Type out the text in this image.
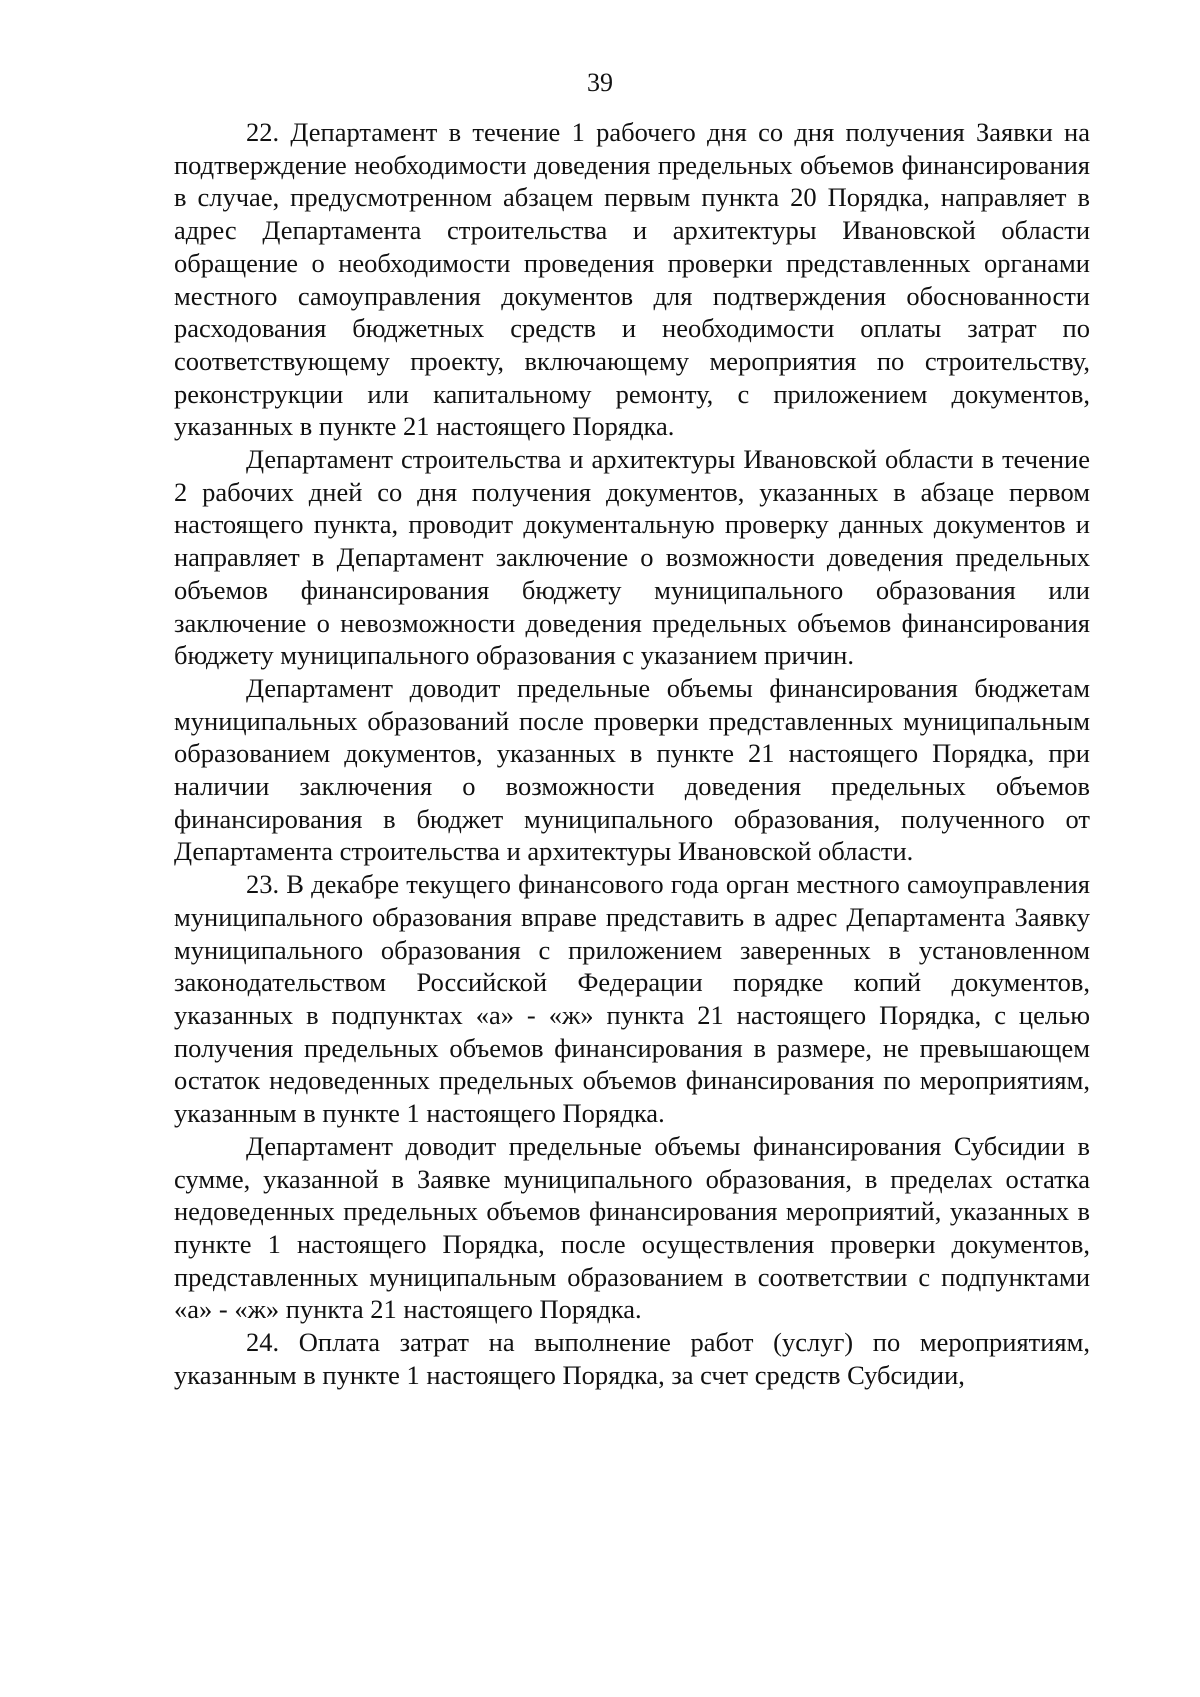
39

22. Департамент в течение 1 рабочего дня со дня получения Заявки на подтверждение необходимости доведения предельных объемов финансирования в случае, предусмотренном абзацем первым пункта 20 Порядка, направляет в адрес Департамента строительства и архитектуры Ивановской области обращение о необходимости проведения проверки представленных органами местного самоуправления документов для подтверждения обоснованности расходования бюджетных средств и необходимости оплаты затрат по соответствующему проекту, включающему мероприятия по строительству, реконструкции или капитальному ремонту, с приложением документов, указанных в пункте 21 настоящего Порядка.

Департамент строительства и архитектуры Ивановской области в течение 2 рабочих дней со дня получения документов, указанных в абзаце первом настоящего пункта, проводит документальную проверку данных документов и направляет в Департамент заключение о возможности доведения предельных объемов финансирования бюджету муниципального образования или заключение о невозможности доведения предельных объемов финансирования бюджету муниципального образования с указанием причин.

Департамент доводит предельные объемы финансирования бюджетам муниципальных образований после проверки представленных муниципальным образованием документов, указанных в пункте 21 настоящего Порядка, при наличии заключения о возможности доведения предельных объемов финансирования в бюджет муниципального образования, полученного от Департамента строительства и архитектуры Ивановской области.

23. В декабре текущего финансового года орган местного самоуправления муниципального образования вправе представить в адрес Департамента Заявку муниципального образования с приложением заверенных в установленном законодательством Российской Федерации порядке копий документов, указанных в подпунктах «а» - «ж» пункта 21 настоящего Порядка, с целью получения предельных объемов финансирования в размере, не превышающем остаток недоведенных предельных объемов финансирования по мероприятиям, указанным в пункте 1 настоящего Порядка.

Департамент доводит предельные объемы финансирования Субсидии в сумме, указанной в Заявке муниципального образования, в пределах остатка недоведенных предельных объемов финансирования мероприятий, указанных в пункте 1 настоящего Порядка, после осуществления проверки документов, представленных муниципальным образованием в соответствии с подпунктами «а» - «ж» пункта 21 настоящего Порядка.

24. Оплата затрат на выполнение работ (услуг) по мероприятиям, указанным в пункте 1 настоящего Порядка, за счет средств Субсидии,
